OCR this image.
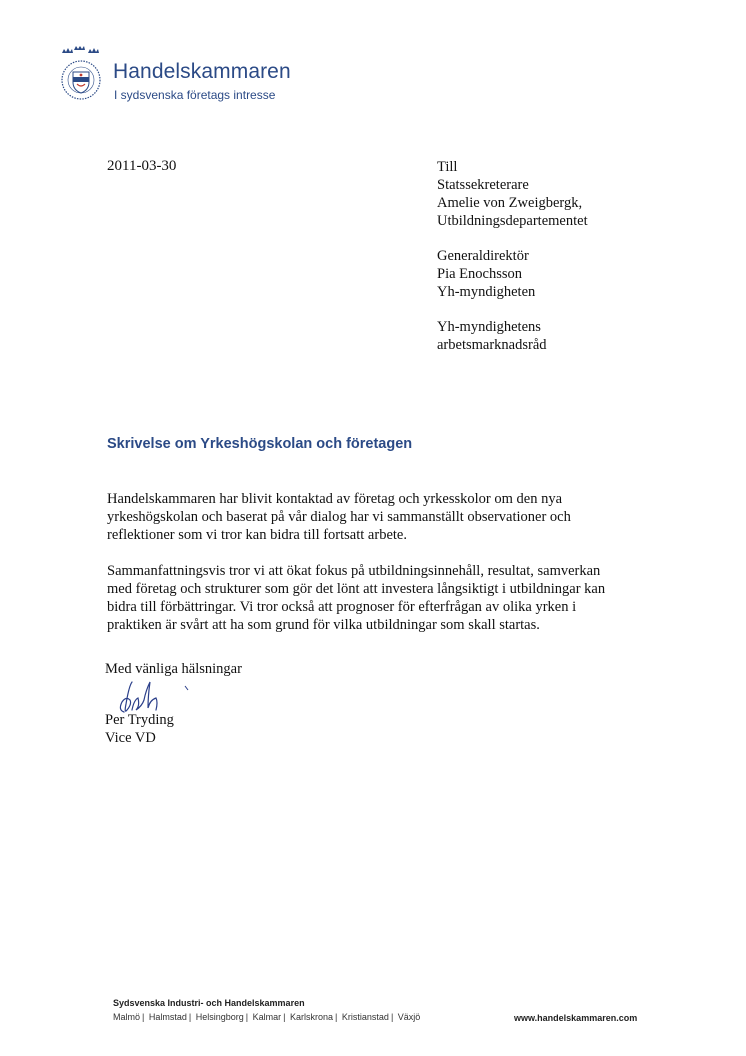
Handelskammaren
I sydsvenska företags intresse
2011-03-30	Till
Statssekreterare
Amelie von Zweigbergk,
Utbildningsdepartementet
Generaldirektör
Pia Enochsson
Yh-myndigheten
Yh-myndighetens
arbetsmarknadsråd
Skrivelse om Yrkeshögskolan och företagen

Handelskammaren har blivit kontaktad av företag och yrkesskolor om den nya yrkeshögskolan och baserat på vår dialog har vi sammanställt observationer och reflektioner som vi tror kan bidra till fortsatt arbete.

Sammanfattningsvis tror vi att ökat fokus på utbildningsinnehåll, resultat, samverkan med företag och strukturer som gör det lönt att investera långsiktigt i utbildningar kan bidra till förbättringar. Vi tror också att prognoser för efterfrågan av olika yrken i praktiken är svårt att ha som grund för vilka utbildningar som skall startas.

Med vänliga hälsningar
Per Tryding
Vice VD
Sydsvenska Industri- och Handelskammaren
Malmö | Halmstad | Helsingborg | Kalmar | Karlskrona | Kristianstad | Växjö	www.handelskammaren.com
